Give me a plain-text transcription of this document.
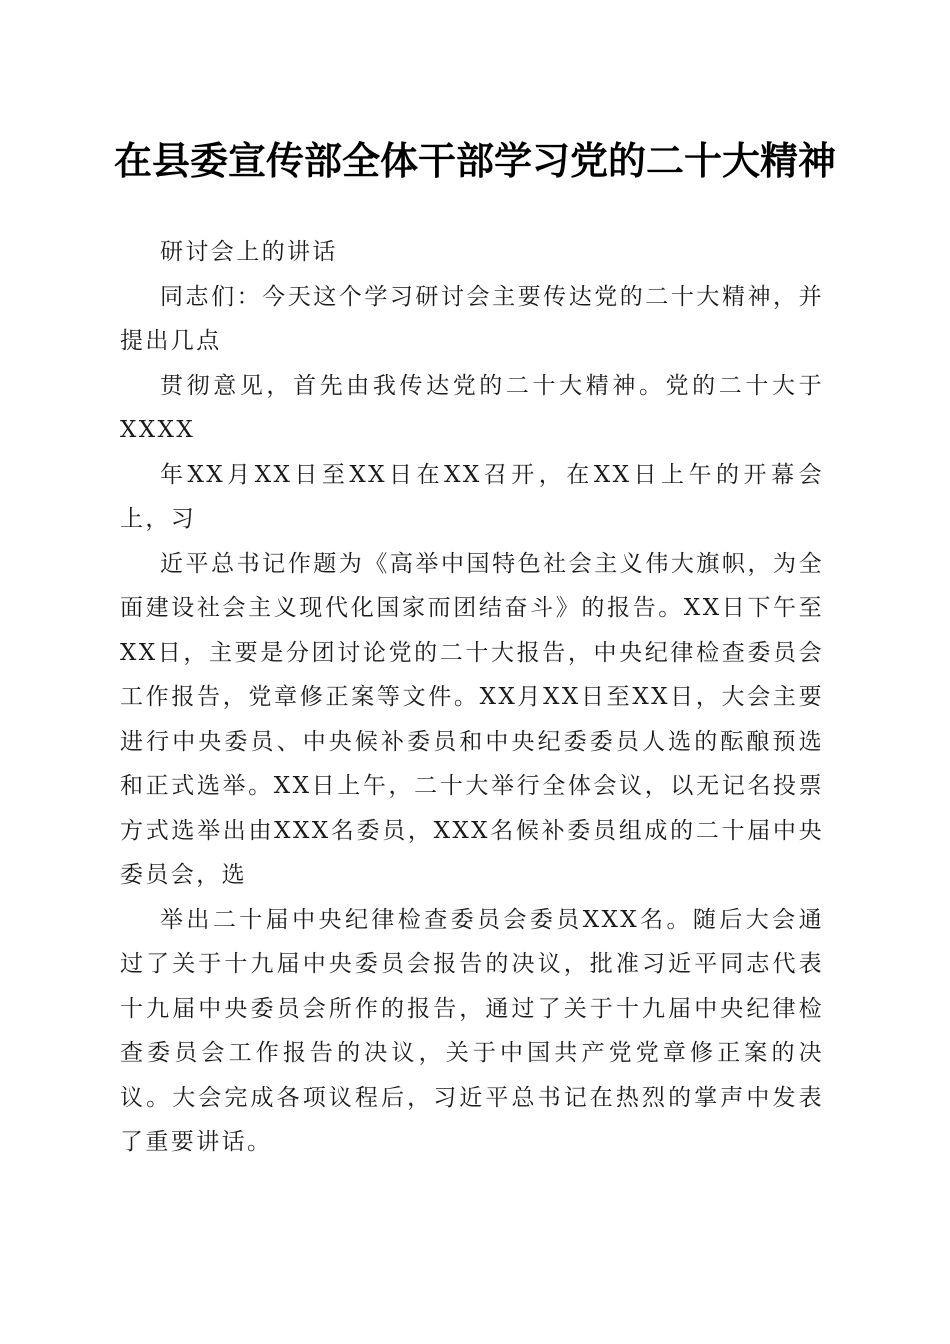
在县委宣传部全体干部学习党的二十大精神

研讨会上的讲话

同志们：今天这个学习研讨会主要传达党的二十大精神，并提出几点

贯彻意见，首先由我传达党的二十大精神。党的二十大于XXXX

年XX月XX日至XX日在XX召开，在XX日上午的开幕会上，习

近平总书记作题为《高举中国特色社会主义伟大旗帜，为全面建设社会主义现代化国家而团结奋斗》的报告。XX日下午至XX日，主要是分团讨论党的二十大报告，中央纪律检查委员会工作报告，党章修正案等文件。XX月XX日至XX日，大会主要进行中央委员、中央候补委员和中央纪委委员人选的酝酿预选和正式选举。XX日上午，二十大举行全体会议，以无记名投票方式选举出由XXX名委员，XXX名候补委员组成的二十届中央委员会，选

举出二十届中央纪律检查委员会委员XXX名。随后大会通过了关于十九届中央委员会报告的决议，批准习近平同志代表十九届中央委员会所作的报告，通过了关于十九届中央纪律检查委员会工作报告的决议，关于中国共产党党章修正案的决议。大会完成各项议程后，习近平总书记在热烈的掌声中发表了重要讲话。
